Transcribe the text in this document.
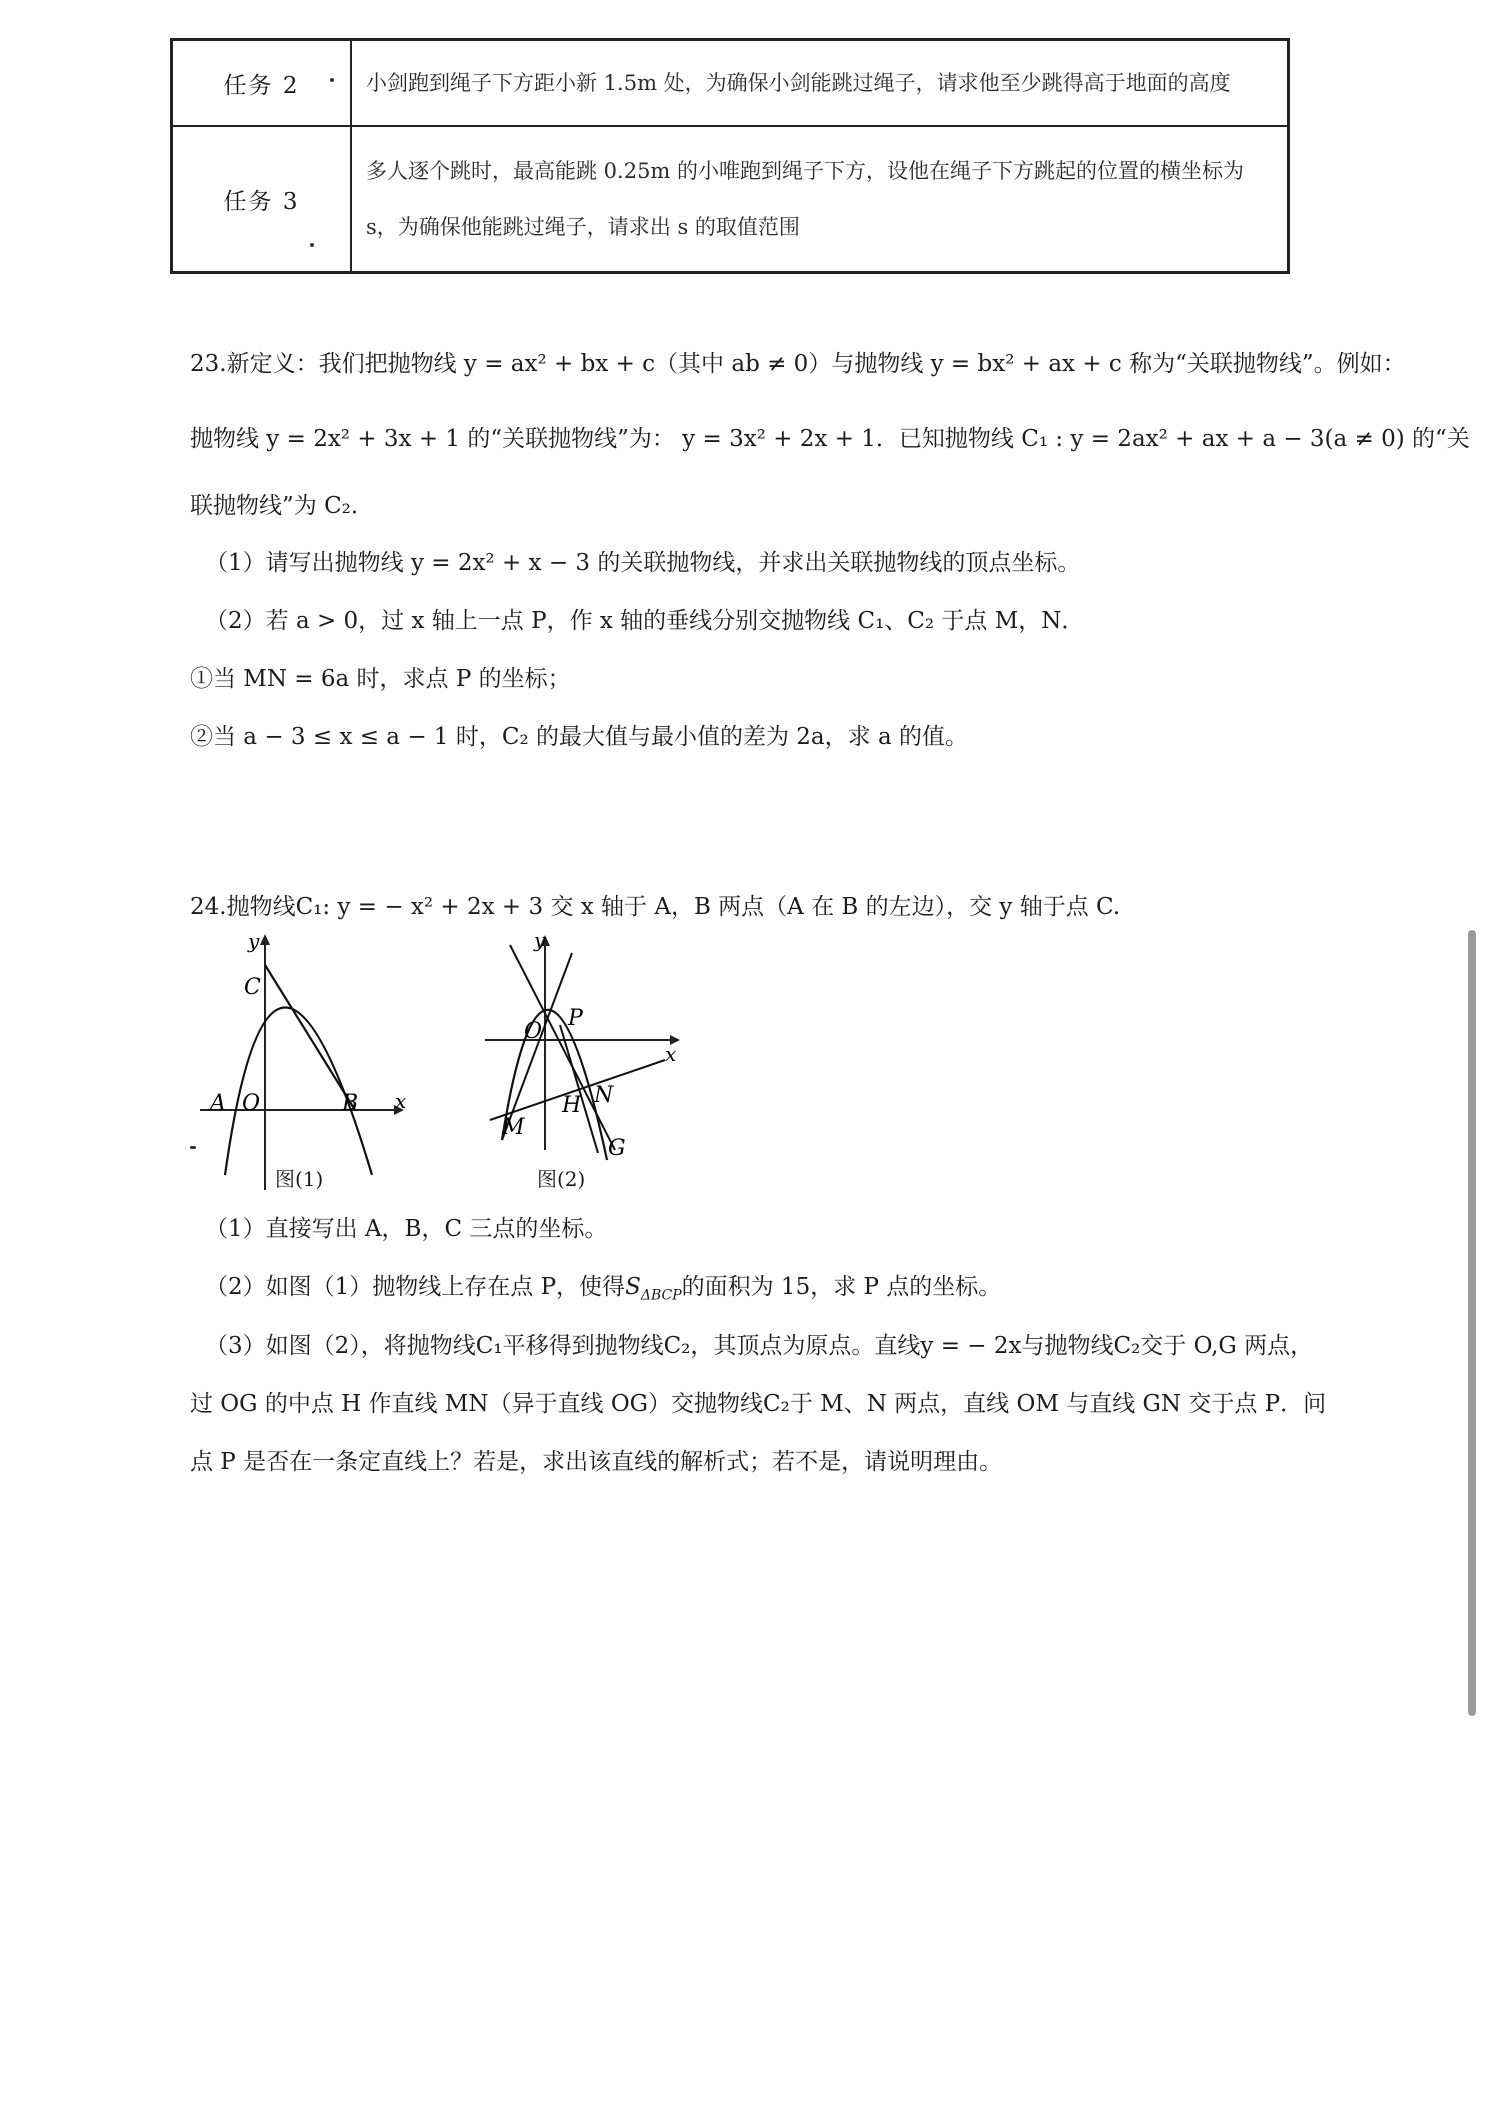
任务 2	小剑跑到绳子下方距小新 1.5m 处，为确保小剑能跳过绳子，请求他至少跳得高于地面的高度
任务 3	多人逐个跳时，最高能跳 0.25m 的小唯跑到绳子下方，设他在绳子下方跳起的位置的横坐标为
s，为确保他能跳过绳子，请求出 s 的取值范围
23.新定义：我们把抛物线 y = ax² + bx + c（其中 ab ≠ 0）与抛物线 y = bx² + ax + c 称为“关联抛物线”。例如：
抛物线 y = 2x² + 3x + 1 的“关联抛物线”为： y = 3x² + 2x + 1．已知抛物线 C₁ : y = 2ax² + ax + a − 3(a ≠ 0) 的“关
联抛物线”为 C₂．
（1）请写出抛物线 y = 2x² + x − 3 的关联抛物线，并求出关联抛物线的顶点坐标。
（2）若 a > 0，过 x 轴上一点 P，作 x 轴的垂线分别交抛物线 C₁、C₂ 于点 M，N．
①当 MN = 6a 时，求点 P 的坐标；
②当 a − 3 ≤ x ≤ a − 1 时，C₂ 的最大值与最小值的差为 2a，求 a 的值。
24.抛物线C₁: y = − x² + 2x + 3 交 x 轴于 A，B 两点（A 在 B 的左边），交 y 轴于点 C.
y
x
C
A O	B
图(1)
y
x
O
P
H N
M
G
图(2)
（1）直接写出 A，B，C 三点的坐标。
（2）如图（1）抛物线上存在点 P，使得$S_{\Delta BCP}$的面积为 15，求 P 点的坐标。
（3）如图（2），将抛物线C₁平移得到抛物线C₂，其顶点为原点。直线y = − 2x与抛物线C₂交于 O,G 两点，
过 OG 的中点 H 作直线 MN（异于直线 OG）交抛物线C₂于 M、N 两点，直线 OM 与直线 GN 交于点 P．问
点 P 是否在一条定直线上？若是，求出该直线的解析式；若不是，请说明理由。
